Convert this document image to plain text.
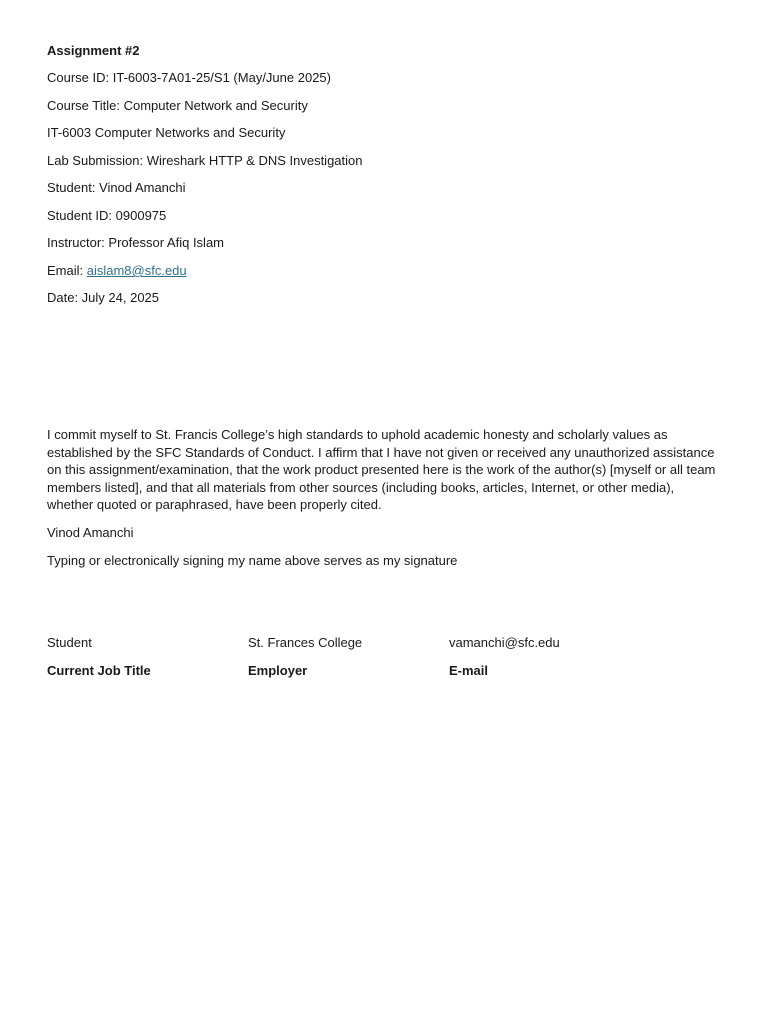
Assignment #2
Course ID: IT-6003-7A01-25/S1 (May/June 2025)
Course Title: Computer Network and Security
IT-6003 Computer Networks and Security
Lab Submission: Wireshark HTTP & DNS Investigation
Student: Vinod Amanchi
Student ID: 0900975
Instructor: Professor Afiq Islam
Email: aislam8@sfc.edu
Date: July 24, 2025
I commit myself to St. Francis College’s high standards to uphold academic honesty and scholarly values as established by the SFC Standards of Conduct. I affirm that I have not given or received any unauthorized assistance on this assignment/examination, that the work product presented here is the work of the author(s) [myself or all team members listed], and that all materials from other sources (including books, articles, Internet, or other media), whether quoted or paraphrased, have been properly cited.
Vinod Amanchi
Typing or electronically signing my name above serves as my signature
Student
Current Job Title
St. Frances College
Employer
vamanchi@sfc.edu
E-mail
